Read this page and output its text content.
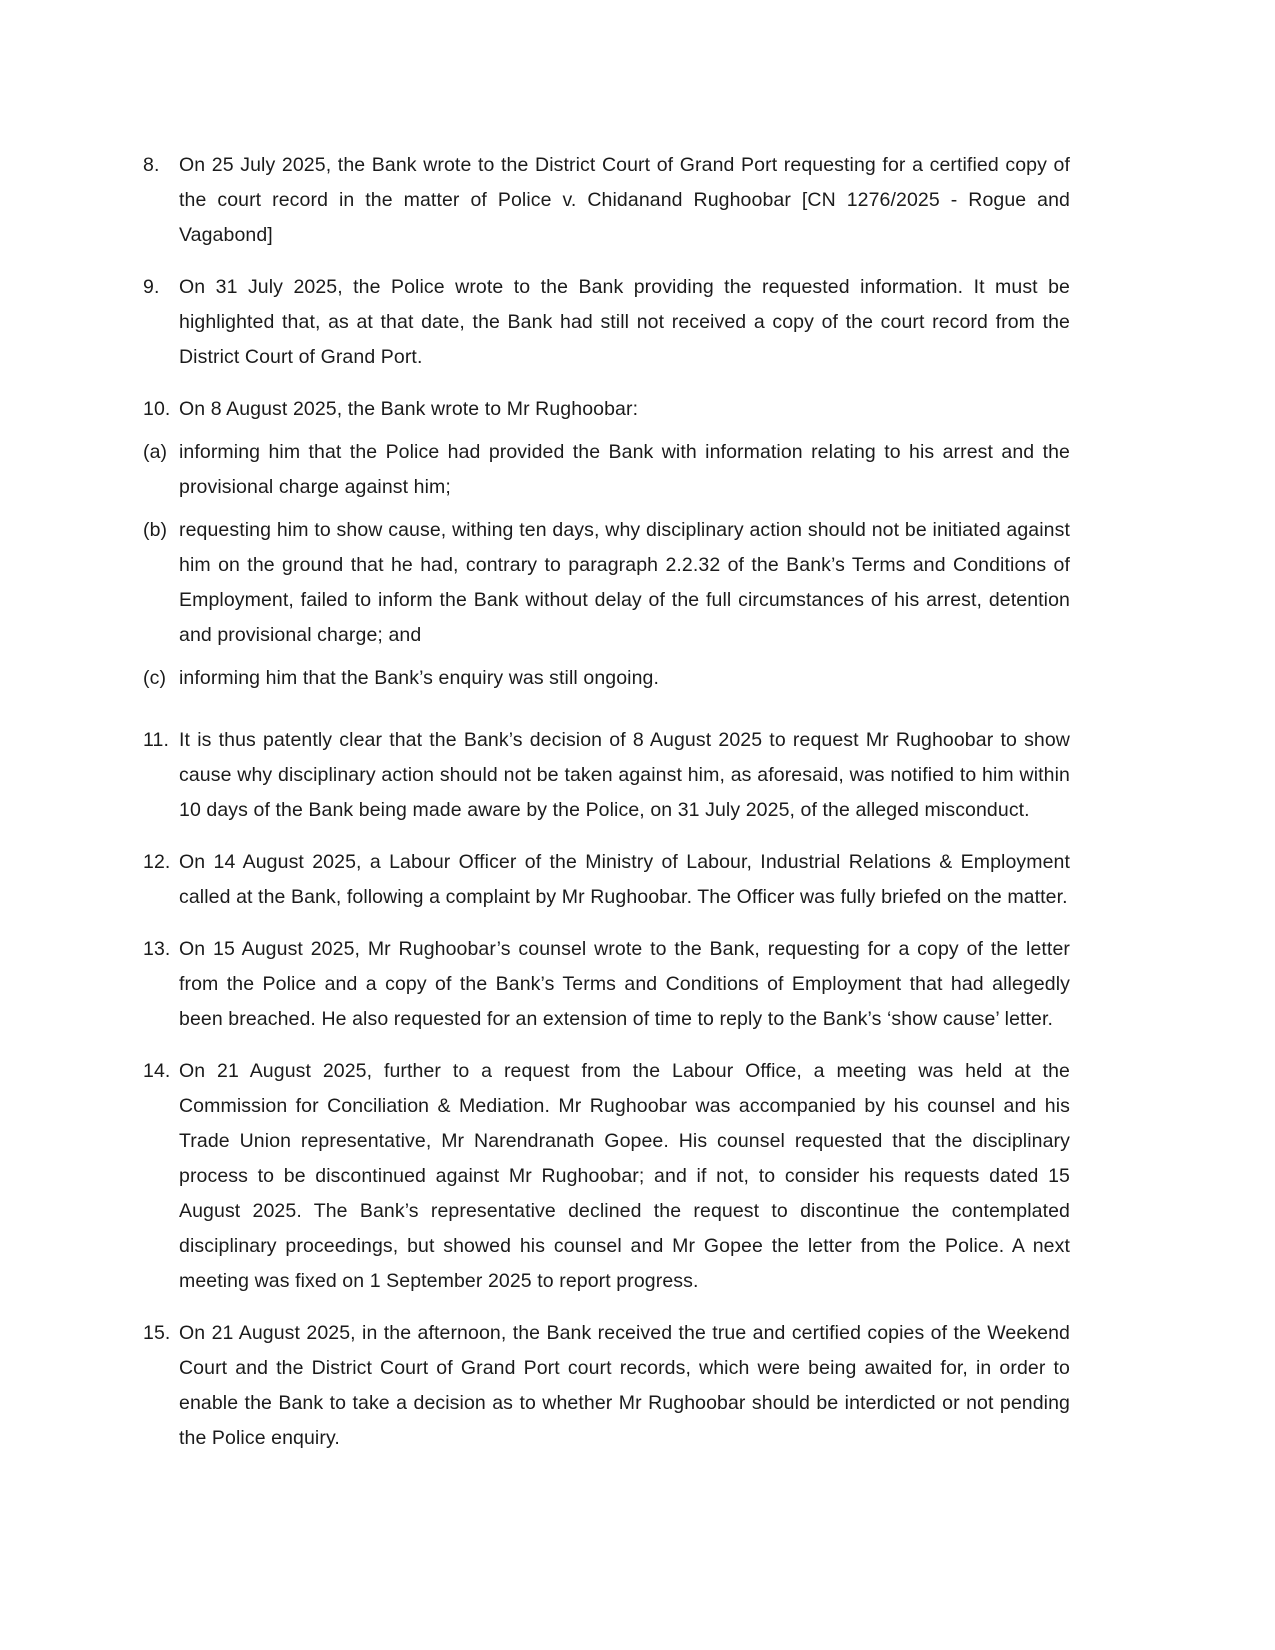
8.	On 25 July 2025, the Bank wrote to the District Court of Grand Port requesting for a certified copy of the court record in the matter of Police v. Chidanand Rughoobar [CN 1276/2025 - Rogue and Vagabond]
9.	On 31 July 2025, the Police wrote to the Bank providing the requested information. It must be highlighted that, as at that date, the Bank had still not received a copy of the court record from the District Court of Grand Port.
10. On 8 August 2025, the Bank wrote to Mr Rughoobar:
(a) informing him that the Police had provided the Bank with information relating to his arrest and the provisional charge against him;
(b) requesting him to show cause, withing ten days, why disciplinary action should not be initiated against him on the ground that he had, contrary to paragraph 2.2.32 of the Bank’s Terms and Conditions of Employment, failed to inform the Bank without delay of the full circumstances of his arrest, detention and provisional charge; and
(c) informing him that the Bank’s enquiry was still ongoing.
11. It is thus patently clear that the Bank’s decision of 8 August 2025 to request Mr Rughoobar to show cause why disciplinary action should not be taken against him, as aforesaid, was notified to him within 10 days of the Bank being made aware by the Police, on 31 July 2025, of the alleged misconduct.
12. On 14 August 2025, a Labour Officer of the Ministry of Labour, Industrial Relations & Employment called at the Bank, following a complaint by Mr Rughoobar. The Officer was fully briefed on the matter.
13. On 15 August 2025, Mr Rughoobar’s counsel wrote to the Bank, requesting for a copy of the letter from the Police and a copy of the Bank’s Terms and Conditions of Employment that had allegedly been breached. He also requested for an extension of time to reply to the Bank’s ‘show cause’ letter.
14. On 21 August 2025, further to a request from the Labour Office, a meeting was held at the Commission for Conciliation & Mediation. Mr Rughoobar was accompanied by his counsel and his Trade Union representative, Mr Narendranath Gopee. His counsel requested that the disciplinary process to be discontinued against Mr Rughoobar; and if not, to consider his requests dated 15 August 2025. The Bank’s representative declined the request to discontinue the contemplated disciplinary proceedings, but showed his counsel and Mr Gopee the letter from the Police. A next meeting was fixed on 1 September 2025 to report progress.
15. On 21 August 2025, in the afternoon, the Bank received the true and certified copies of the Weekend Court and the District Court of Grand Port court records, which were being awaited for, in order to enable the Bank to take a decision as to whether Mr Rughoobar should be interdicted or not pending the Police enquiry.
